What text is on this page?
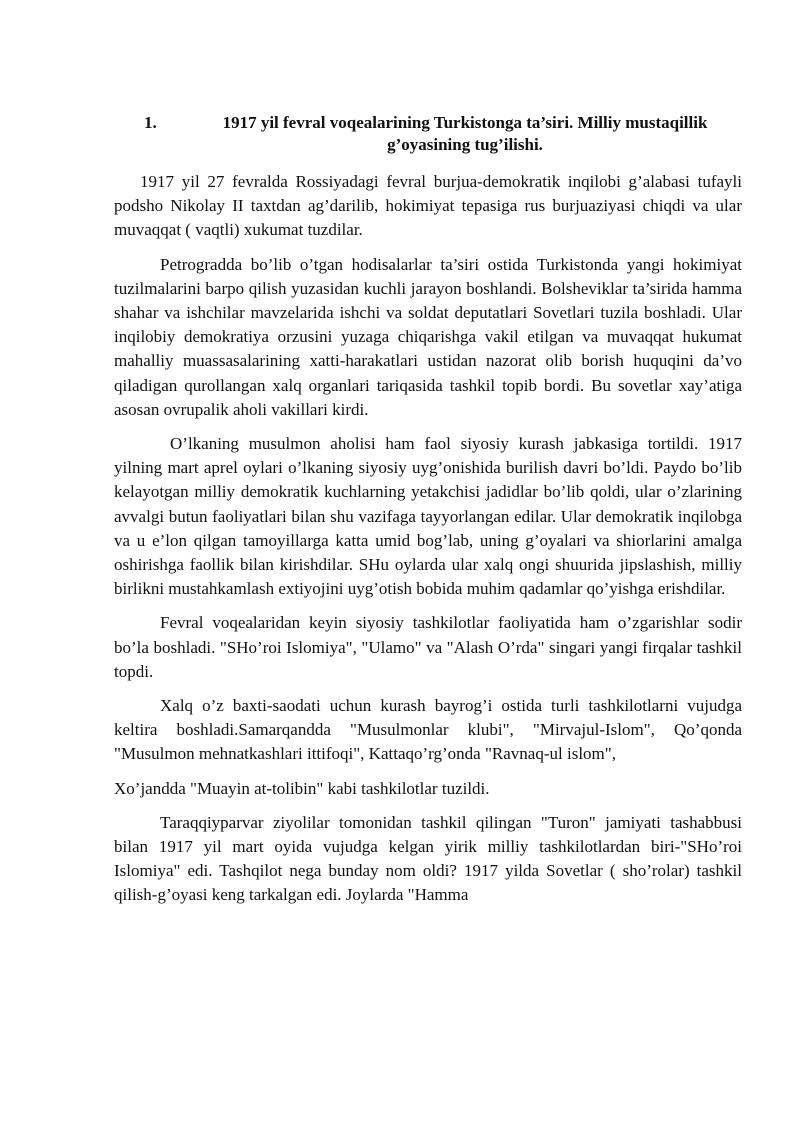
1.	1917 yil fevral voqealarining Turkistonga ta’siri. Milliy mustaqillik g’oyasining tug’ilishi.

1917 yil 27 fevralda Rossiyadagi fevral burjua-demokratik inqilobi g’alabasi tufayli podsho Nikolay II taxtdan ag’darilib, hokimiyat tepasiga rus burjuaziyasi chiqdi va ular muvaqqat ( vaqtli) xukumat tuzdilar.

Petrogradda bo’lib o’tgan hodisalarlar ta’siri ostida Turkistonda yangi hokimiyat tuzilmalarini barpo qilish yuzasidan kuchli jarayon boshlandi. Bolsheviklar ta’sirida hamma shahar va ishchilar mavzelarida ishchi va soldat deputatlari Sovetlari tuzila boshladi. Ular inqilobiy demokratiya orzusini yuzaga chiqarishga vakil etilgan va muvaqqat hukumat mahalliy muassasalarining xatti-harakatlari ustidan nazorat olib borish huquqini da’vo qiladigan qurollangan xalq organlari tariqasida tashkil topib bordi. Bu sovetlar xay’atiga asosan ovrupalik aholi vakillari kirdi.

O’lkaning musulmon aholisi ham faol siyosiy kurash jabkasiga tortildi. 1917 yilning mart aprel oylari o’lkaning siyosiy uyg’onishida burilish davri bo’ldi. Paydo bo’lib kelayotgan milliy demokratik kuchlarning yetakchisi jadidlar bo’lib qoldi, ular o’zlarining avvalgi butun faoliyatlari bilan shu vazifaga tayyorlangan edilar. Ular demokratik inqilobga va u e’lon qilgan tamoyillarga katta umid bog’lab, uning g’oyalari va shiorlarini amalga oshirishga faollik bilan kirishdilar. SHu oylarda ular xalq ongi shuurida jipslashish, milliy birlikni mustahkamlash extiyojini uyg’otish bobida muhim qadamlar qo’yishga erishdilar.

Fevral voqealaridan keyin siyosiy tashkilotlar faoliyatida ham o’zgarishlar sodir bo’la boshladi. "SHo’roi Islomiya", "Ulamo" va "Alash O’rda" singari yangi firqalar tashkil topdi.

Xalq o’z baxti-saodati uchun kurash bayrog’i ostida turli tashkilotlarni vujudga keltira boshladi.Samarqandda "Musulmonlar klubi", "Mirvajul-Islom", Qo’qonda "Musulmon mehnatkashlari ittifoqi", Kattaqo’rg’onda "Ravnaq-ul islom",

Xo’jandda "Muayin at-tolibin" kabi tashkilotlar tuzildi.

Taraqqiyparvar ziyolilar tomonidan tashkil qilingan "Turon" jamiyati tashabbusi bilan 1917 yil mart oyida vujudga kelgan yirik milliy tashkilotlardan biri-"SHo’roi Islomiya" edi. Tashqilot nega bunday nom oldi? 1917 yilda Sovetlar ( sho’rolar) tashkil qilish-g’oyasi keng tarkalgan edi. Joylarda "Hamma
